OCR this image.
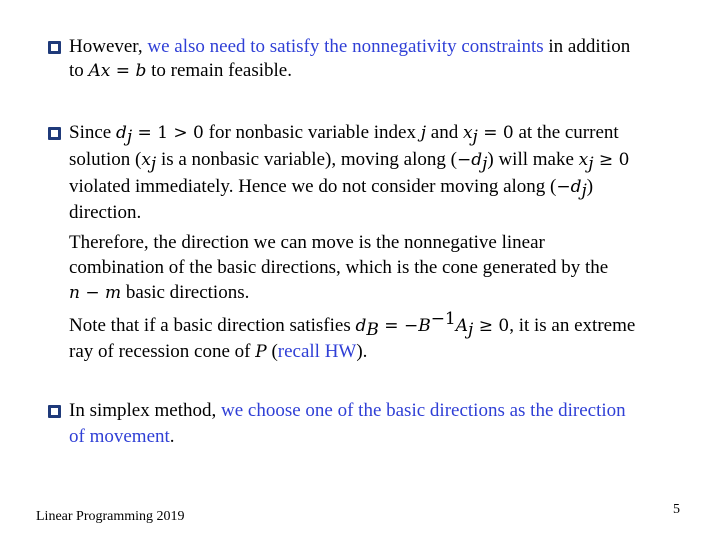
However, we also need to satisfy the nonnegativity constraints in addition
to Ax = b to remain feasible.
Since $d_j = 1 > 0$ for nonbasic variable index j and $x_j = 0$ at the current
solution ($x_j$ is a nonbasic variable), moving along $(-d_j)$ will make $x_j \ge 0$
violated immediately. Hence we do not consider moving along $(-d_j)$
direction.
Therefore, the direction we can move is the nonnegative linear
combination of the basic directions, which is the cone generated by the
n − m basic directions.
Note that if a basic direction satisfies $d_B = -B^{-1}A_j \ge 0$, it is an extreme
ray of recession cone of P (recall HW).
In simplex method, we choose one of the basic directions as the direction
of movement.
Linear Programming 2019	5
